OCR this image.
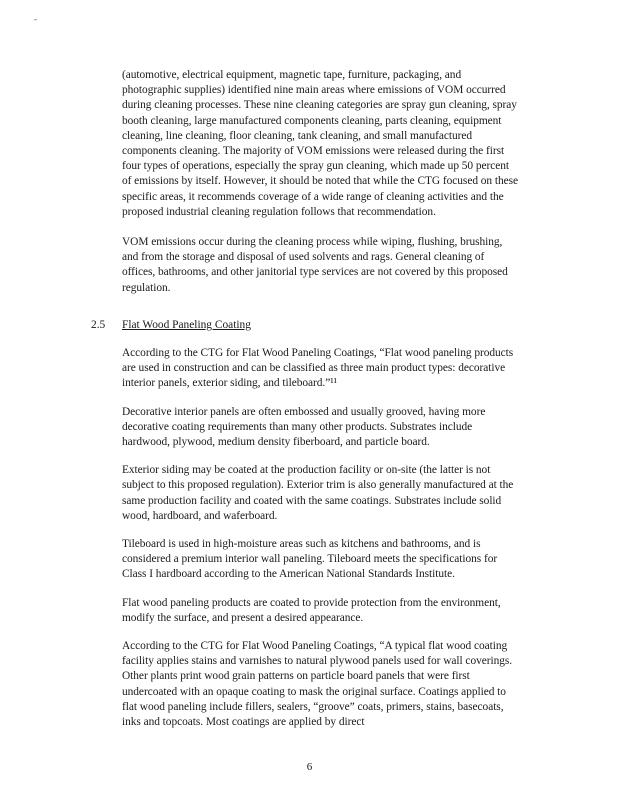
-

(automotive, electrical equipment, magnetic tape, furniture, packaging, and photographic supplies) identified nine main areas where emissions of VOM occurred during cleaning processes. These nine cleaning categories are spray gun cleaning, spray booth cleaning, large manufactured components cleaning, parts cleaning, equipment cleaning, line cleaning, floor cleaning, tank cleaning, and small manufactured components cleaning. The majority of VOM emissions were released during the first four types of operations, especially the spray gun cleaning, which made up 50 percent of emissions by itself. However, it should be noted that while the CTG focused on these specific areas, it recommends coverage of a wide range of cleaning activities and the proposed industrial cleaning regulation follows that recommendation.

VOM emissions occur during the cleaning process while wiping, flushing, brushing, and from the storage and disposal of used solvents and rags. General cleaning of offices, bathrooms, and other janitorial type services are not covered by this proposed regulation.

2.5 Flat Wood Paneling Coating

According to the CTG for Flat Wood Paneling Coatings, “Flat wood paneling products are used in construction and can be classified as three main product types: decorative interior panels, exterior siding, and tileboard.”¹¹

Decorative interior panels are often embossed and usually grooved, having more decorative coating requirements than many other products. Substrates include hardwood, plywood, medium density fiberboard, and particle board.

Exterior siding may be coated at the production facility or on-site (the latter is not subject to this proposed regulation). Exterior trim is also generally manufactured at the same production facility and coated with the same coatings. Substrates include solid wood, hardboard, and waferboard.

Tileboard is used in high-moisture areas such as kitchens and bathrooms, and is considered a premium interior wall paneling. Tileboard meets the specifications for Class I hardboard according to the American National Standards Institute.

Flat wood paneling products are coated to provide protection from the environment, modify the surface, and present a desired appearance.

According to the CTG for Flat Wood Paneling Coatings, “A typical flat wood coating facility applies stains and varnishes to natural plywood panels used for wall coverings. Other plants print wood grain patterns on particle board panels that were first undercoated with an opaque coating to mask the original surface. Coatings applied to flat wood paneling include fillers, sealers, “groove” coats, primers, stains, basecoats, inks and topcoats. Most coatings are applied by direct

6
